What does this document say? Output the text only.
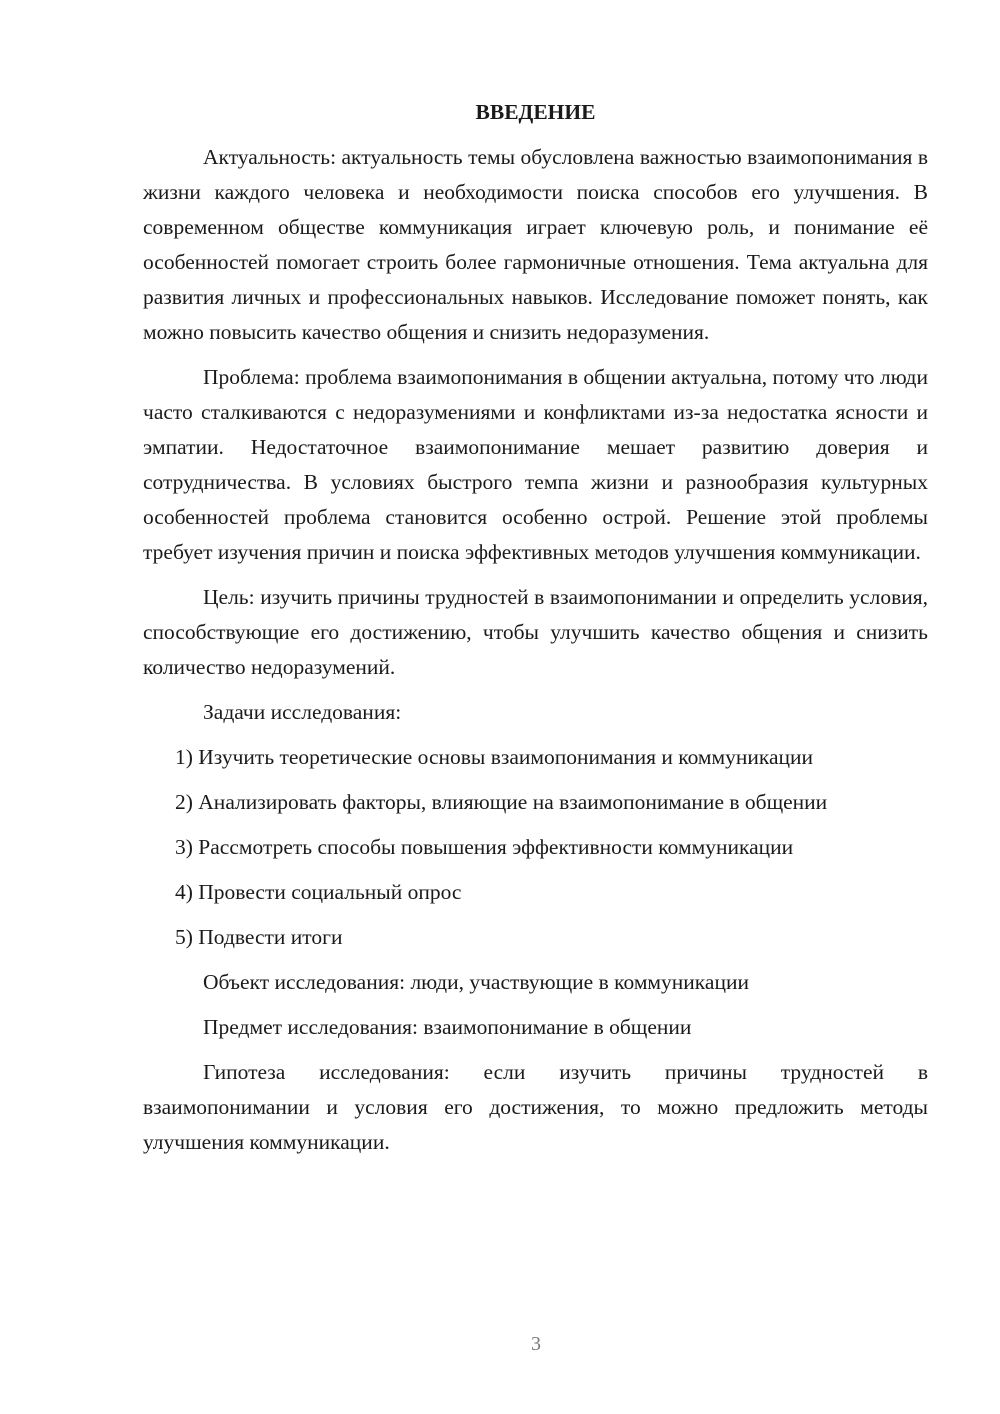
ВВЕДЕНИЕ

Актуальность: актуальность темы обусловлена важностью взаимопонимания в жизни каждого человека и необходимости поиска способов его улучшения. В современном обществе коммуникация играет ключевую роль, и понимание её особенностей помогает строить более гармоничные отношения. Тема актуальна для развития личных и профессиональных навыков. Исследование поможет понять, как можно повысить качество общения и снизить недоразумения.

Проблема: проблема взаимопонимания в общении актуальна, потому что люди часто сталкиваются с недоразумениями и конфликтами из-за недостатка ясности и эмпатии. Недостаточное взаимопонимание мешает развитию доверия и сотрудничества. В условиях быстрого темпа жизни и разнообразия культурных особенностей проблема становится особенно острой. Решение этой проблемы требует изучения причин и поиска эффективных методов улучшения коммуникации.

Цель: изучить причины трудностей в взаимопонимании и определить условия, способствующие его достижению, чтобы улучшить качество общения и снизить количество недоразумений.

Задачи исследования:

1) Изучить теоретические основы взаимопонимания и коммуникации

2) Анализировать факторы, влияющие на взаимопонимание в общении

3) Рассмотреть способы повышения эффективности коммуникации

4) Провести социальный опрос

5) Подвести итоги

Объект исследования: люди, участвующие в коммуникации

Предмет исследования: взаимопонимание в общении

Гипотеза исследования: если изучить причины трудностей в взаимопонимании и условия его достижения, то можно предложить методы улучшения коммуникации.

3
